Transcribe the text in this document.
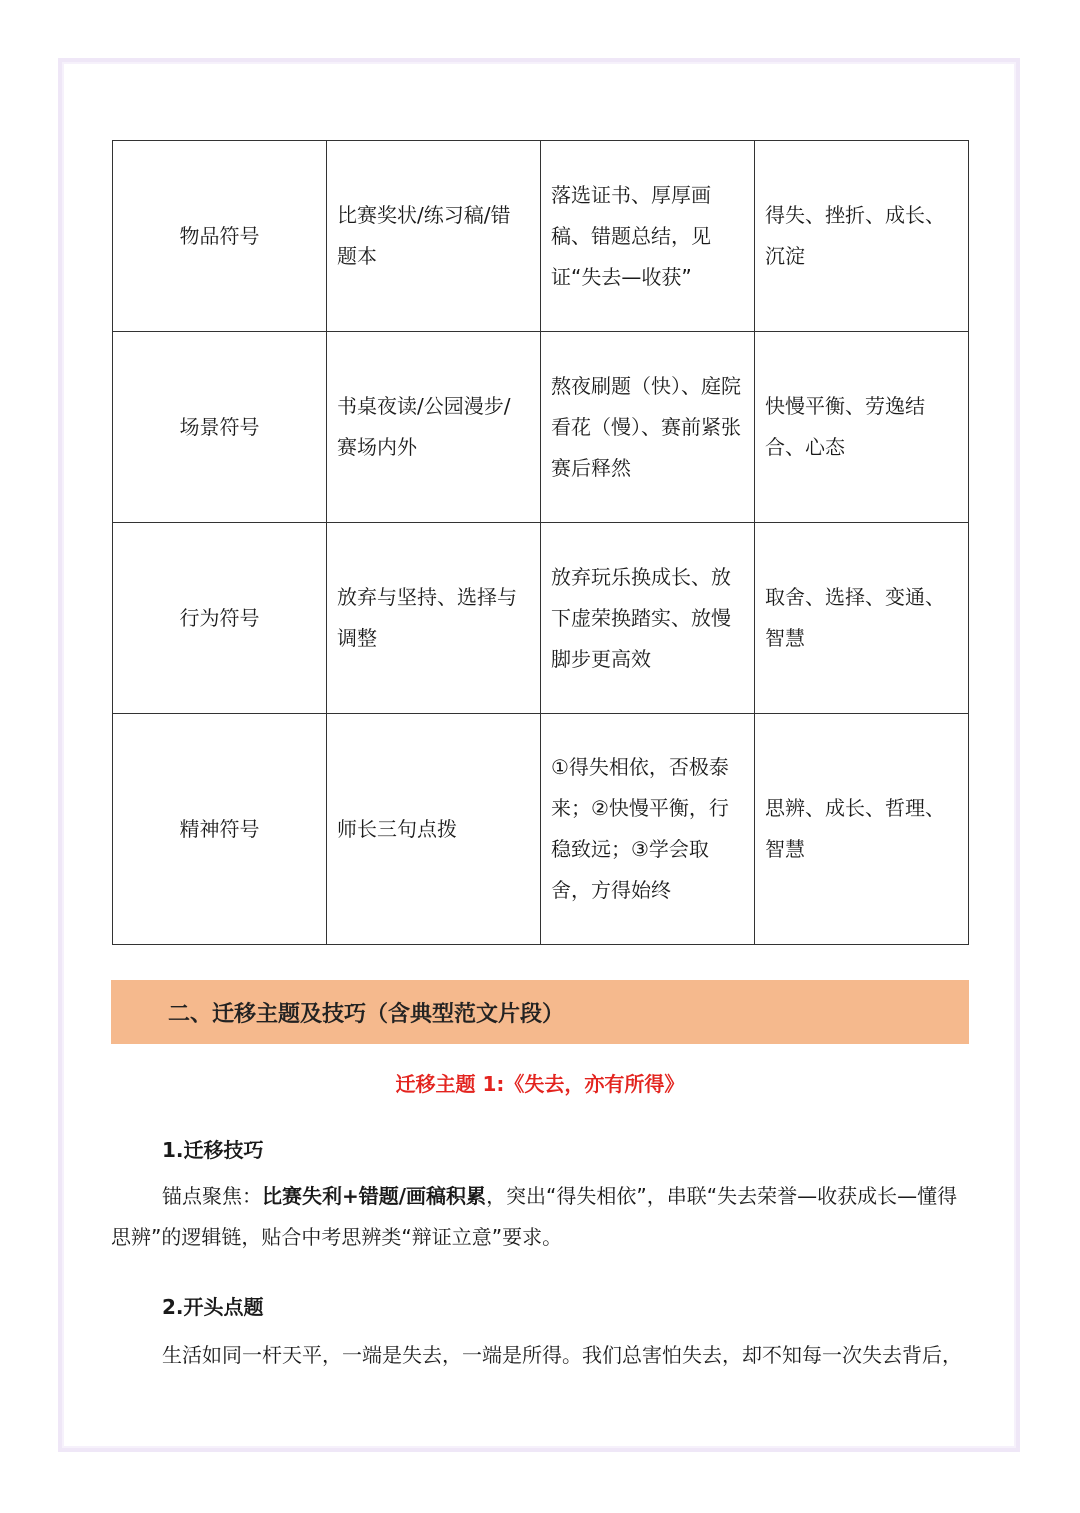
物品符号	比赛奖状/练习稿/错题本	落选证书、厚厚画稿、错题总结，见证“失去—收获”	得失、挫折、成长、沉淀
场景符号	书桌夜读/公园漫步/赛场内外	熬夜刷题（快）、庭院看花（慢）、赛前紧张赛后释然	快慢平衡、劳逸结合、心态
行为符号	放弃与坚持、选择与调整	放弃玩乐换成长、放下虚荣换踏实、放慢脚步更高效	取舍、选择、变通、智慧
精神符号	师长三句点拨	①得失相依，否极泰来；②快慢平衡，行稳致远；③学会取舍，方得始终	思辨、成长、哲理、智慧
二、迁移主题及技巧（含典型范文片段）
迁移主题 1:《失去，亦有所得》
1.迁移技巧

锚点聚焦：比赛失利+错题/画稿积累，突出“得失相依”，串联“失去荣誉—收获成长—懂得思辨”的逻辑链，贴合中考思辨类“辩证立意”要求。

2.开头点题

生活如同一杆天平，一端是失去，一端是所得。我们总害怕失去，却不知每一次失去背后，
